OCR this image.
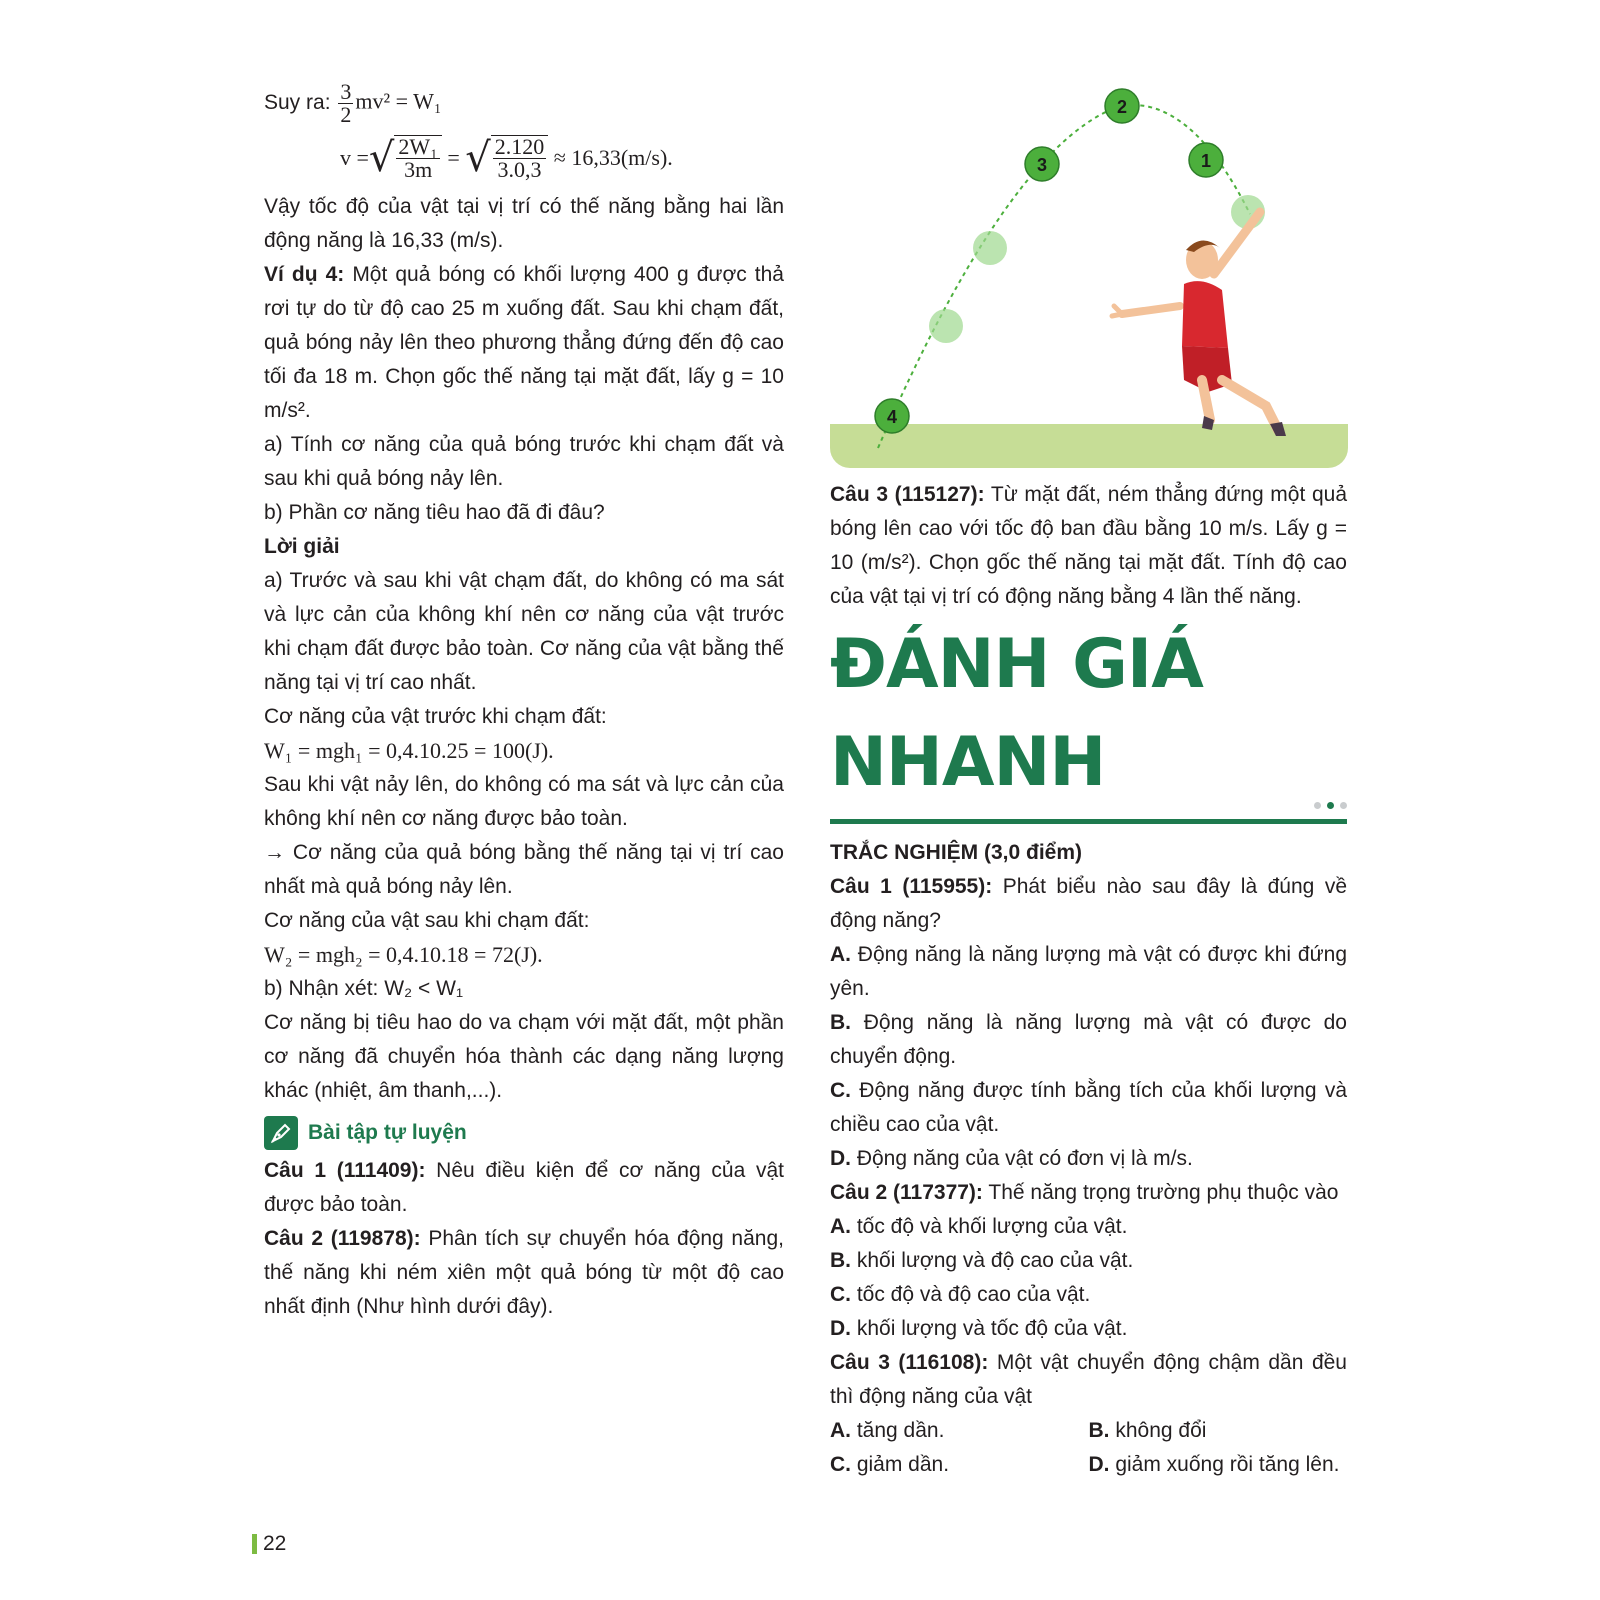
Suy ra:
$\frac{3}{2} mv^2 = W_1$
v = √ $\frac{\text{2W₁}}{3m}$ = √ $\frac{2.120}{3.0,3}$
≈ 16,33(m/s).

Vậy tốc độ của vật tại vị trí có thế năng bằng hai lần động năng là 16,33 (m/s).

Ví dụ 4: Một quả bóng có khối lượng 400 g được thả rơi tự do từ độ cao 25 m xuống đất. Sau khi chạm đất, quả bóng nảy lên theo phương thẳng đứng đến độ cao tối đa 18 m. Chọn gốc thế năng tại mặt đất, lấy g = 10 m/s².

a) Tính cơ năng của quả bóng trước khi chạm đất và sau khi quả bóng nảy lên.

b) Phần cơ năng tiêu hao đã đi đâu?

Lời giải

a) Trước và sau khi vật chạm đất, do không có ma sát và lực cản của không khí nên cơ năng của vật trước khi chạm đất được bảo toàn. Cơ năng của vật bằng thế năng tại vị trí cao nhất.

Cơ năng của vật trước khi chạm đất:

W₁ = mgh₁ = 0,4.10.25 = 100(J).

Sau khi vật nảy lên, do không có ma sát và lực cản của không khí nên cơ năng được bảo toàn.

→ Cơ năng của quả bóng bằng thế năng tại vị trí cao nhất mà quả bóng nảy lên.

Cơ năng của vật sau khi chạm đất:

W₂ = mgh₂ = 0,4.10.18 = 72(J).

b) Nhận xét: W₂ < W₁

Cơ năng bị tiêu hao do va chạm với mặt đất, một phần cơ năng đã chuyển hóa thành các dạng năng lượng khác (nhiệt, âm thanh,...).

Bài tập tự luyện

Câu 1 (111409): Nêu điều kiện để cơ năng của vật được bảo toàn.

Câu 2 (119878): Phân tích sự chuyển hóa động năng, thế năng khi ném xiên một quả bóng từ một độ cao nhất định (Như hình dưới đây).

1
2
3
4

Câu 3 (115127): Từ mặt đất, ném thẳng đứng một quả bóng lên cao với tốc độ ban đầu bằng 10 m/s. Lấy g = 10 (m/s²). Chọn gốc thế năng tại mặt đất. Tính độ cao của vật tại vị trí có động năng bằng 4 lần thế năng.

ĐÁNH GIÁ
NHANH

TRẮC NGHIỆM (3,0 điểm)

Câu 1 (115955): Phát biểu nào sau đây là đúng về động năng?

A. Động năng là năng lượng mà vật có được khi đứng yên.

B. Động năng là năng lượng mà vật có được do chuyển động.

C. Động năng được tính bằng tích của khối lượng và chiều cao của vật.

D. Động năng của vật có đơn vị là m/s.

Câu 2 (117377): Thế năng trọng trường phụ thuộc vào

A. tốc độ và khối lượng của vật.

B. khối lượng và độ cao của vật.

C. tốc độ và độ cao của vật.

D. khối lượng và tốc độ của vật.

Câu 3 (116108): Một vật chuyển động chậm dần đều thì động năng của vật

A. tăng dần.	B. không đổi
C. giảm dần.	D. giảm xuống rồi tăng lên.
22
